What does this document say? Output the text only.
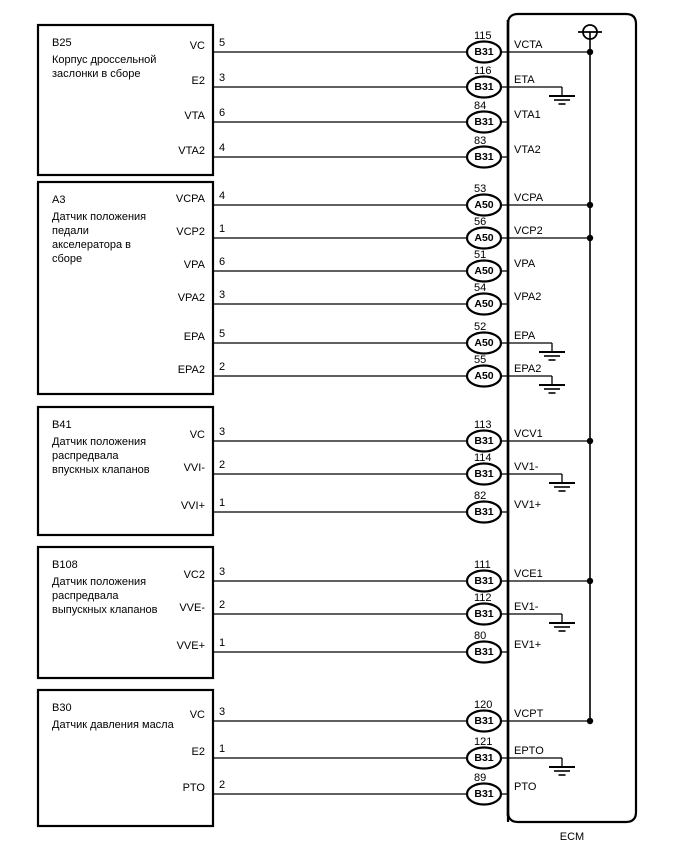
ECM
B25
Корпус дроссельной
заслонки в сборе
A3
Датчик положения
педали
акселератора в
сборе
B41
Датчик положения
распредвала
впускных клапанов
B108
Датчик положения
распредвала
выпускных клапанов
B30
Датчик давления масла
VC 5
115
B31
VCTA
E2 3
116
B31
ETA
VTA 6
84
B31
VTA1
VTA2 4
83
B31
VTA2
VCPA 4
53
A50
VCPA
VCP2 1
56
A50
VCP2
VPA 6
51
A50
VPA
VPA2 3
54
A50
VPA2
EPA 5
52
A50
EPA
EPA2 2
55
A50
EPA2
VC 3
113
B31
VCV1
VVI- 2
114
B31
VV1-
VVI+ 1
82
B31
VV1+
VC2 3
111
B31
VCE1
VVE- 2
112
B31
EV1-
VVE+ 1
80
B31
EV1+
VC 3
120
B31
VCPT
E2 1
121
B31
EPTO
PTO 2
89
B31
PTO
